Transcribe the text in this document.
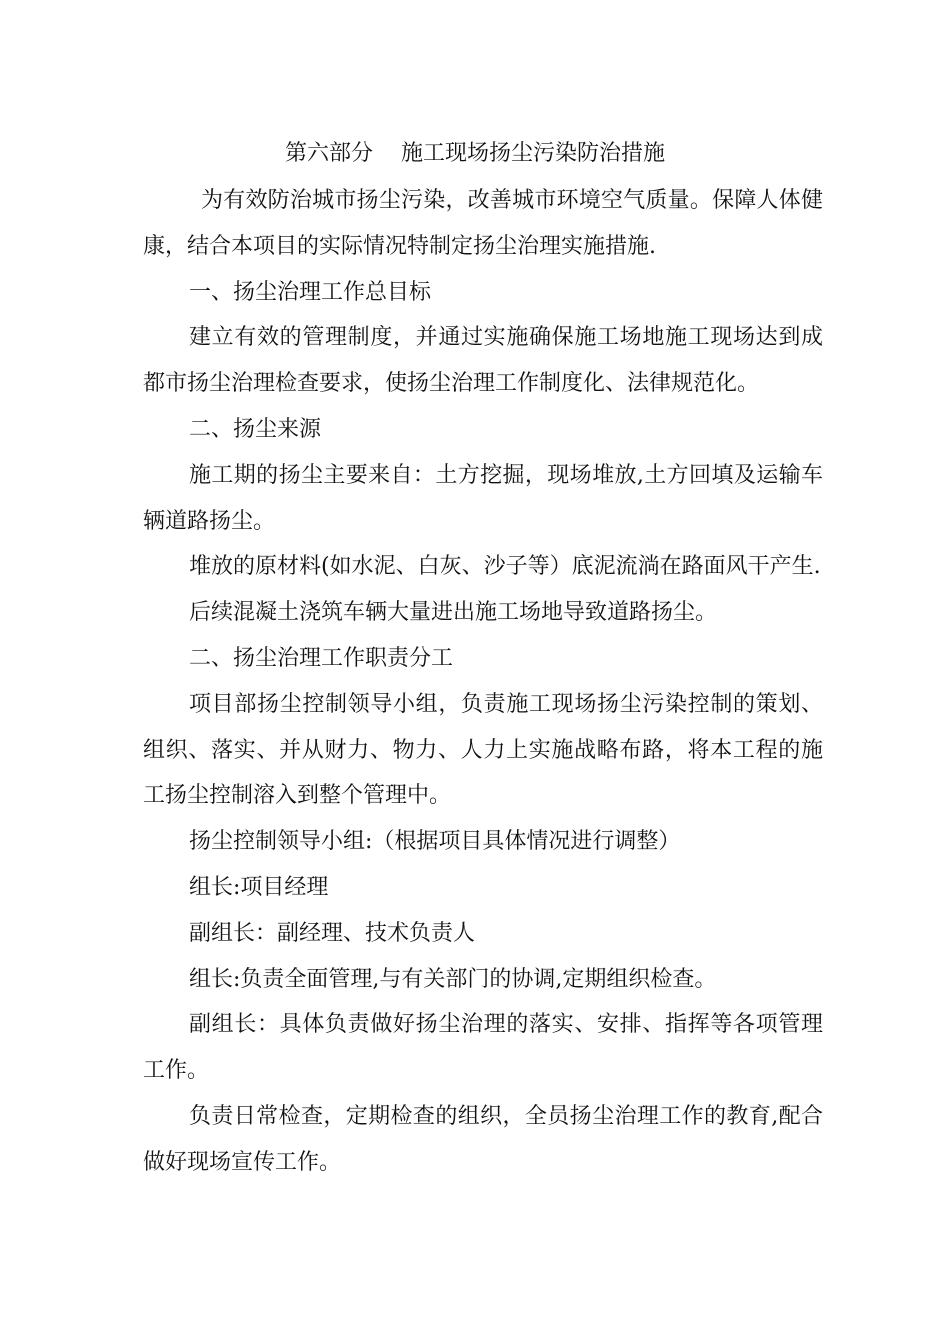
第六部分    施工现场扬尘污染防治措施

为有效防治城市扬尘污染，改善城市环境空气质量。保障人体健康，结合本项目的实际情况特制定扬尘治理实施措施.

一、扬尘治理工作总目标

建立有效的管理制度，并通过实施确保施工场地施工现场达到成都市扬尘治理检查要求，使扬尘治理工作制度化、法律规范化。

二、扬尘来源

施工期的扬尘主要来自：土方挖掘，现场堆放,土方回填及运输车辆道路扬尘。

堆放的原材料(如水泥、白灰、沙子等）底泥流淌在路面风干产生.

后续混凝土浇筑车辆大量进出施工场地导致道路扬尘。

二、扬尘治理工作职责分工

项目部扬尘控制领导小组，负责施工现场扬尘污染控制的策划、组织、落实、并从财力、物力、人力上实施战略布路，将本工程的施工扬尘控制溶入到整个管理中。

扬尘控制领导小组:（根据项目具体情况进行调整）

组长:项目经理

副组长：副经理、技术负责人

组长:负责全面管理,与有关部门的协调,定期组织检查。

副组长：具体负责做好扬尘治理的落实、安排、指挥等各项管理工作。

负责日常检查，定期检查的组织，全员扬尘治理工作的教育,配合做好现场宣传工作。
